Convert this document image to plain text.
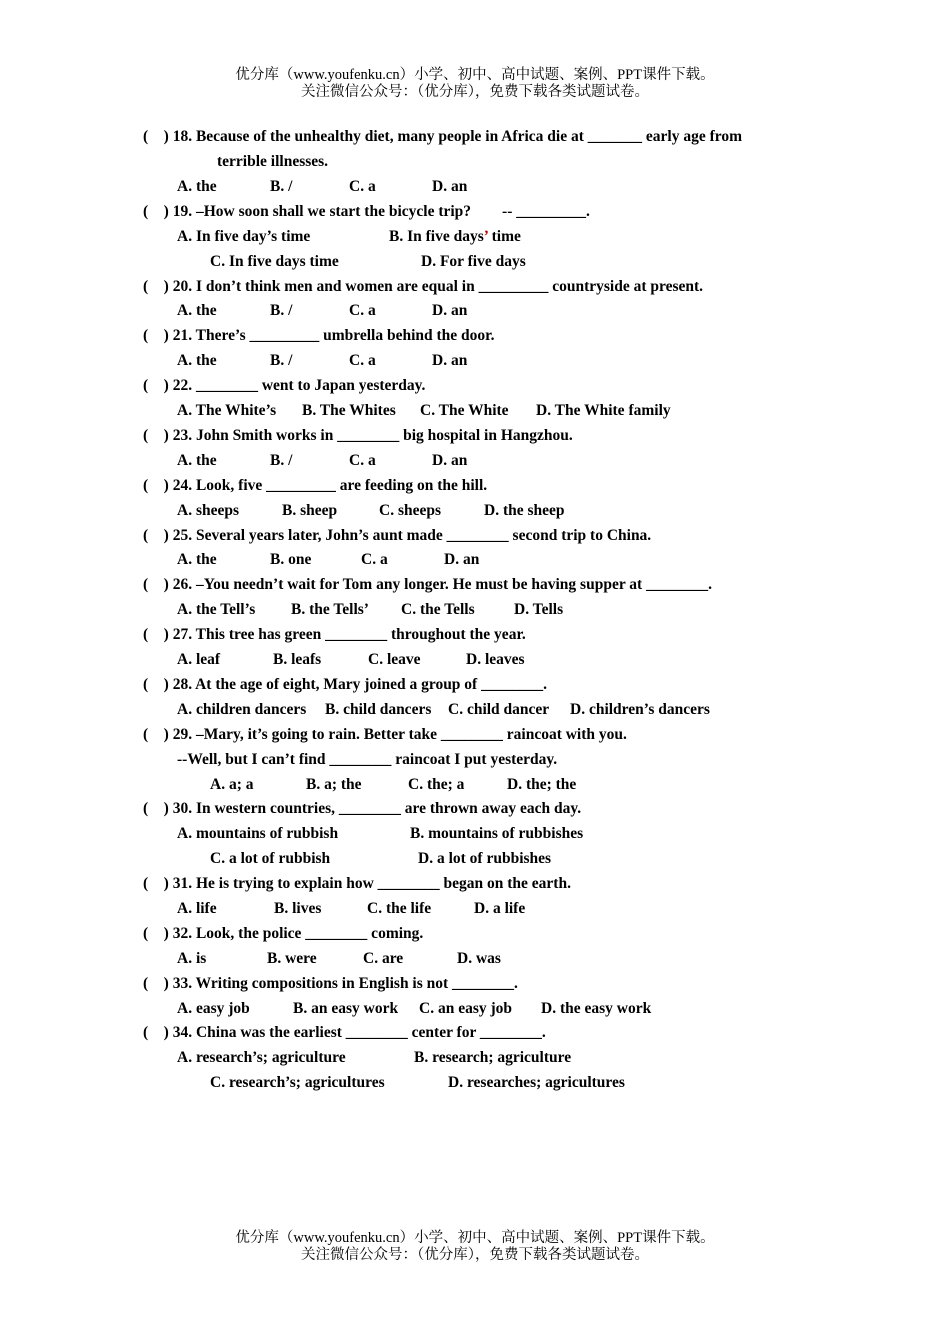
优分库（www.youfenku.cn）小学、初中、高中试题、案例、PPT课件下载。
关注微信公众号：（优分库），免费下载各类试题试卷。
(    ) 18. Because of the unhealthy diet, many people in Africa die at _______ early age from
terrible illnesses.
A. the	B. /	C. a	D. an
(    ) 19. –How soon shall we start the bicycle trip?        -- _________.
A. In five day’s time	B. In five days’ time
C. In five days time	D. For five days
(    ) 20. I don’t think men and women are equal in _________ countryside at present.
A. the	B. /	C. a	D. an
(    ) 21. There’s _________ umbrella behind the door.
A. the	B. /	C. a	D. an
(    ) 22. ________ went to Japan yesterday.
A. The White’s B. The Whites C. The White D. The White family
(    ) 23. John Smith works in ________ big hospital in Hangzhou.
A. the	B. /	C. a	D. an
(    ) 24. Look, five _________ are feeding on the hill.
A. sheeps	B. sheep	C. sheeps	D. the sheep
(    ) 25. Several years later, John’s aunt made ________ second trip to China.
A. the	B. one	C. a	D. an
(    ) 26. –You needn’t wait for Tom any longer. He must be having supper at ________.
A. the Tell’s B. the Tells’ C. the Tells	D. Tells
(    ) 27. This tree has green ________ throughout the year.
A. leaf	B. leafs	C. leave	D. leaves
(    ) 28. At the age of eight, Mary joined a group of ________.
A. children dancers B. child dancers C. child dancer D. children’s dancers
(    ) 29. –Mary, it’s going to rain. Better take ________ raincoat with you.
--Well, but I can’t find ________ raincoat I put yesterday.
A. a; a	B. a; the	C. the; a	D. the; the
(    ) 30. In western countries, ________ are thrown away each day.
A. mountains of rubbish	B. mountains of rubbishes
C. a lot of rubbish	D. a lot of rubbishes
(    ) 31. He is trying to explain how ________ began on the earth.
A. life	B. lives	C. the life	D. a life
(    ) 32. Look, the police ________ coming.
A. is	B. were	C. are	D. was
(    ) 33. Writing compositions in English is not ________.
A. easy job	B. an easy work C. an easy job D. the easy work
(    ) 34. China was the earliest ________ center for ________.
A. research’s; agriculture	B. research; agriculture
C. research’s; agricultures	D. researches; agricultures
优分库（www.youfenku.cn）小学、初中、高中试题、案例、PPT课件下载。
关注微信公众号：（优分库），免费下载各类试题试卷。
